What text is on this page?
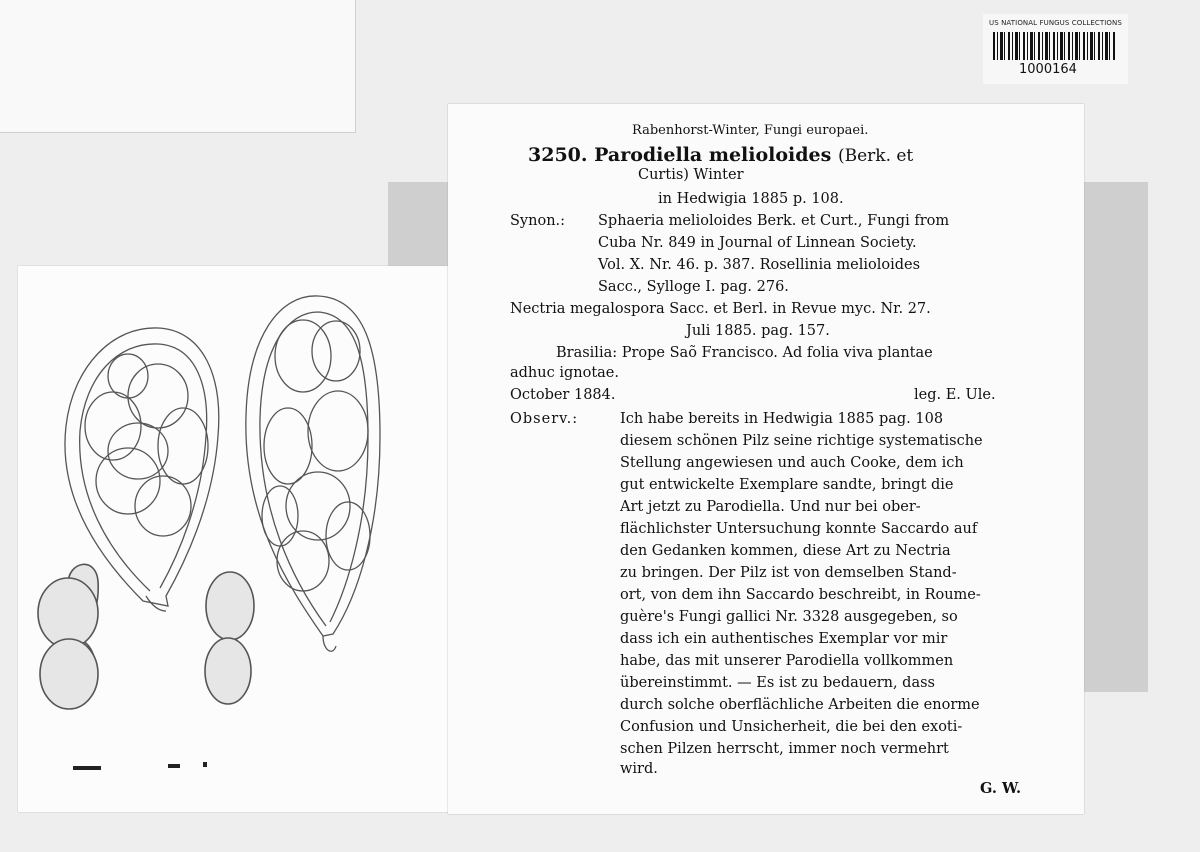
US NATIONAL FUNGUS COLLECTIONS
1000164
Rabenhorst-Winter, Fungi europaei.
3250. Parodiella melioloides (Berk. et
Curtis) Winter
in Hedwigia 1885 p. 108.
Synon.: Sphaeria melioloides Berk. et Curt., Fungi from
Cuba Nr. 849 in Journal of Linnean Society.
Vol. X. Nr. 46. p. 387. Rosellinia melioloides
Sacc., Sylloge I. pag. 276.
Nectria megalospora Sacc. et Berl. in Revue myc. Nr. 27.
Juli 1885. pag. 157.
Brasilia: Prope Saõ Francisco. Ad folia viva plantae
adhuc ignotae.
October 1884.	leg. E. Ule.
Observ.:	Ich habe bereits in Hedwigia 1885 pag. 108
diesem schönen Pilz seine richtige systematische
Stellung angewiesen und auch Cooke, dem ich
gut entwickelte Exemplare sandte, bringt die
Art jetzt zu Parodiella. Und nur bei ober-
flächlichster Untersuchung konnte Saccardo auf
den Gedanken kommen, diese Art zu Nectria
zu bringen. Der Pilz ist von demselben Stand-
ort, von dem ihn Saccardo beschreibt, in Roume-
guère's Fungi gallici Nr. 3328 ausgegeben, so
dass ich ein authentisches Exemplar vor mir
habe, das mit unserer Parodiella vollkommen
übereinstimmt. — Es ist zu bedauern, dass
durch solche oberflächliche Arbeiten die enorme
Confusion und Unsicherheit, die bei den exoti-
schen Pilzen herrscht, immer noch vermehrt
wird.
G. W.
